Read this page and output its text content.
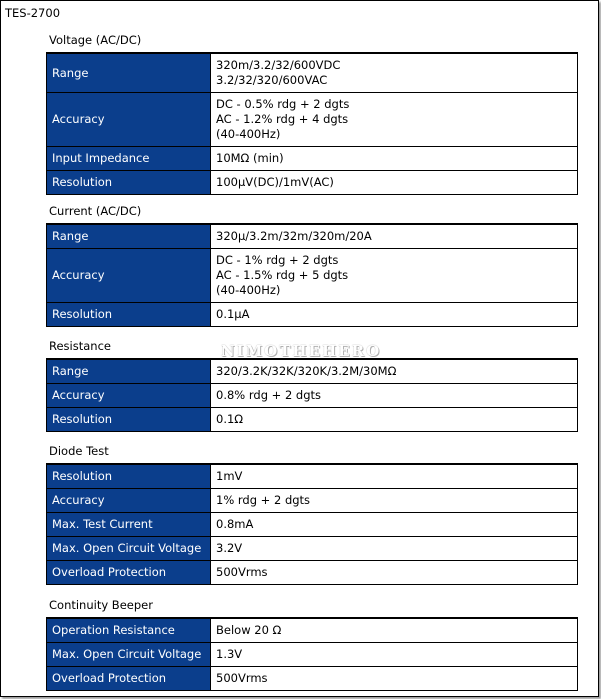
TES-2700
Voltage (AC/DC)
Range	320m/3.2/32/600VDC
3.2/32/320/600VAC

Accuracy	DC - 0.5% rdg + 2 dgts
AC - 1.2% rdg + 4 dgts
(40-400Hz)

Input Impedance	10MΩ (min)

Resolution	100μV(DC)/1mV(AC)
Current (AC/DC)
Range	320μ/3.2m/32m/320m/20A

Accuracy	DC - 1% rdg + 2 dgts
AC - 1.5% rdg + 5 dgts
(40-400Hz)

Resolution	0.1μA
Resistance
Range	320/3.2K/32K/320K/3.2M/30MΩ

Accuracy	0.8% rdg + 2 dgts

Resolution	0.1Ω
Diode Test
Resolution	1mV

Accuracy	1% rdg + 2 dgts

Max. Test Current	0.8mA

Max. Open Circuit Voltage	3.2V

Overload Protection	500Vrms
Continuity Beeper
Operation Resistance	Below 20 Ω

Max. Open Circuit Voltage	1.3V

Overload Protection	500Vrms
NIMOTHEHERO
